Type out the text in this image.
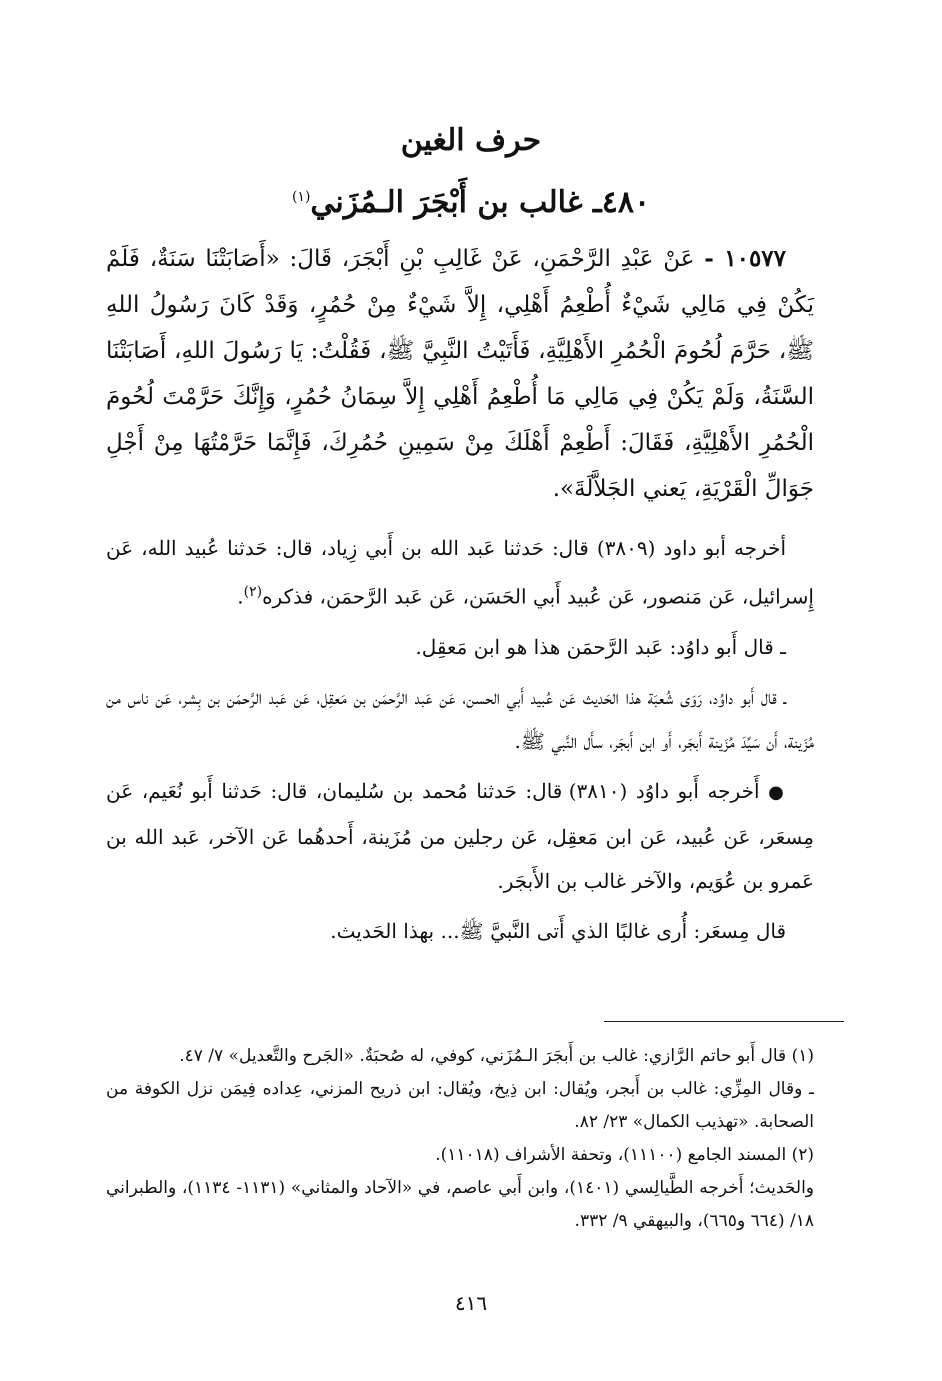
حرف الغين
٤٨٠ـ غالب بن أَبْجَرَ الـمُزَني$^{(١)}$

١٠٥٧٧ - عَنْ عَبْدِ الرَّحْمَنِ، عَنْ غَالِبِ بْنِ أَبْجَرَ، قَالَ: «أَصَابَتْنَا سَنَةٌ، فَلَمْ يَكُنْ فِي مَالِي شَيْءٌ أُطْعِمُ أَهْلِي، إِلاَّ شَيْءٌ مِنْ حُمُرٍ، وَقَدْ كَانَ رَسُولُ اللهِ ﷺ، حَرَّمَ لُحُومَ الْحُمُرِ الأَهْلِيَّةِ، فَأَتَيْتُ النَّبِيَّ ﷺ، فَقُلْتُ: يَا رَسُولَ اللهِ، أَصَابَتْنَا السَّنَةُ، وَلَمْ يَكُنْ فِي مَالِي مَا أُطْعِمُ أَهْلِي إِلاَّ سِمَانُ حُمُرٍ، وَإِنَّكَ حَرَّمْتَ لُحُومَ الْحُمُرِ الأَهْلِيَّةِ، فَقَالَ: أَطْعِمْ أَهْلَكَ مِنْ سَمِينِ حُمُرِكَ، فَإِنَّمَا حَرَّمْتُهَا مِنْ أَجْلِ جَوَالِّ الْقَرْيَةِ، يَعني الجَلاَّلَةَ».

أخرجه أبو داود (٣٨٠٩) قال: حَدثنا عَبد الله بن أَبي زِياد، قال: حَدثنا عُبيد الله، عَن إِسرائيل، عَن مَنصور، عَن عُبيد أَبي الحَسَن، عَن عَبد الرَّحمَن، فذكره$^{(٢)}$.

ـ قال أَبو داوُد: عَبد الرَّحمَن هذا هو ابن مَعقِل.

ـ قال أَبو داوُد، رَوَى شُعبَة هذا الحَديث عَن عُبيد أَبي الحسن، عَن عَبد الرَّحمَن بن مَعقِل، عَن عَبد الرَّحمَن بن بِشر، عَن ناس من مُزَينة، أَن سَيِّدَ مُزَينة أَبجَر، أَو ابن أَبجَر، سأَل النَّبي ﷺ.

● أَخرجه أَبو داوُد (٣٨١٠) قال: حَدثنا مُحمد بن سُليمان، قال: حَدثنا أَبو نُعَيم، عَن مِسعَر، عَن عُبيد، عَن ابن مَعقِل، عَن رجلين من مُزَينة، أَحدهُما عَن الآخر، عَبد الله بن عَمرو بن عُوَيم، والآخر غالب بن الأَبجَر.

قال مِسعَر: أُرى غالبًا الذي أَتى النَّبيَّ ﷺ... بهذا الحَديث.

(١) قال أَبو حاتم الرَّازي: غالب بن أَبجَرَ الـمُزَني، كوفي، له صُحبَةٌ. «الجَرح والتَّعديل» ٧/ ٤٧.

ـ وقال المِزِّي: غالب بن أَبجر، ويُقال: ابن ذِيخ، ويُقال: ابن ذريح المزني، عِداده فِيمَن نزل الكوفة من الصحابة. «تهذيب الكمال» ٢٣/ ٨٢.

(٢) المسند الجامع (١١١٠٠)، وتحفة الأشراف (١١٠١٨).

والحَديث؛ أَخرجه الطَّيالِسي (١٤٠١)، وابن أَبي عاصم، في «الآحاد والمثاني» (١١٣١- ١١٣٤)، والطبراني ١٨/ (٦٦٤ و٦٦٥)، والبيهقي ٩/ ٣٣٢.

٤١٦
